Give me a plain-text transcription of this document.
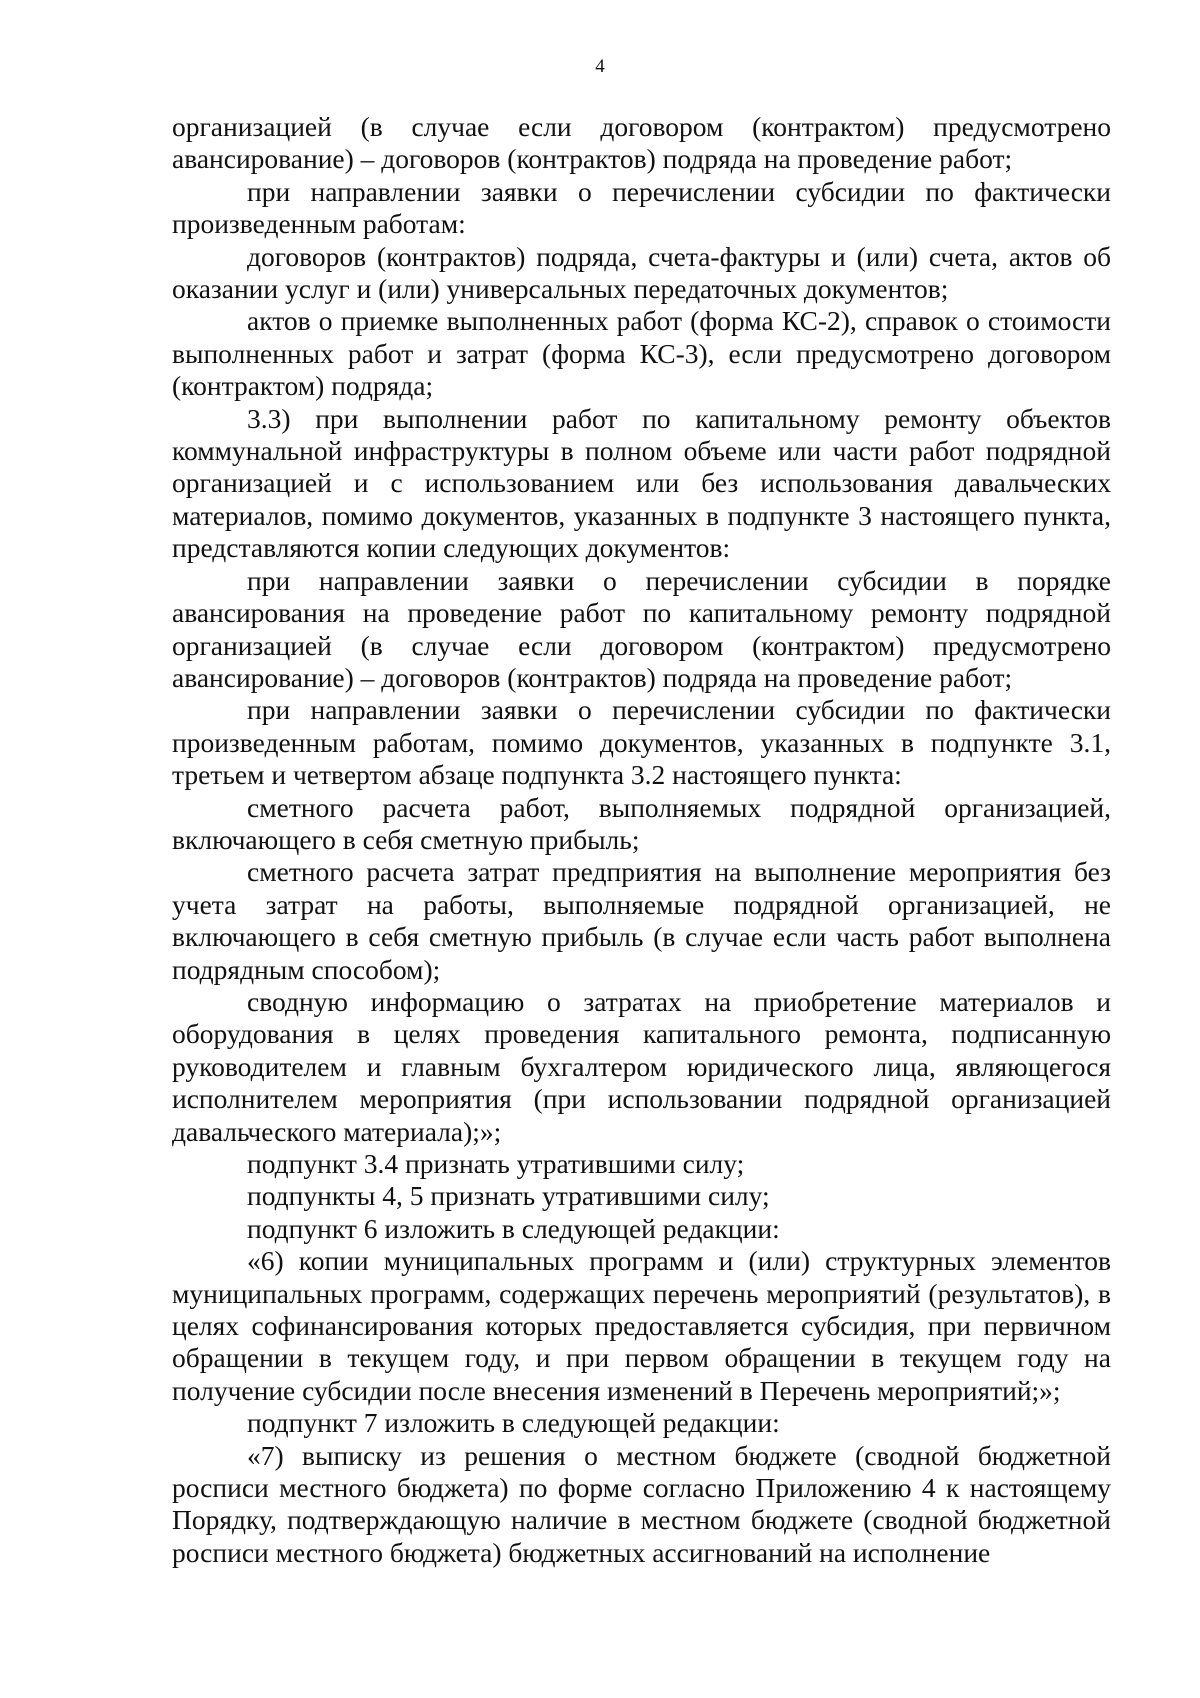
4

организацией (в случае если договором (контрактом) предусмотрено авансирование) – договоров (контрактов) подряда на проведение работ;

при направлении заявки о перечислении субсидии по фактически произведенным работам:

договоров (контрактов) подряда, счета-фактуры и (или) счета, актов об оказании услуг и (или) универсальных передаточных документов;

актов о приемке выполненных работ (форма КС-2), справок о стоимости выполненных работ и затрат (форма КС-3), если предусмотрено договором (контрактом) подряда;

3.3) при выполнении работ по капитальному ремонту объектов коммунальной инфраструктуры в полном объеме или части работ подрядной организацией и с использованием или без использования давальческих материалов, помимо документов, указанных в подпункте 3 настоящего пункта, представляются копии следующих документов:

при направлении заявки о перечислении субсидии в порядке авансирования на проведение работ по капитальному ремонту подрядной организацией (в случае если договором (контрактом) предусмотрено авансирование) – договоров (контрактов) подряда на проведение работ;

при направлении заявки о перечислении субсидии по фактически произведенным работам, помимо документов, указанных в подпункте 3.1, третьем и четвертом абзаце подпункта 3.2 настоящего пункта:

сметного расчета работ, выполняемых подрядной организацией, включающего в себя сметную прибыль;

сметного расчета затрат предприятия на выполнение мероприятия без учета затрат на работы, выполняемые подрядной организацией, не включающего в себя сметную прибыль (в случае если часть работ выполнена подрядным способом);

сводную информацию о затратах на приобретение материалов и оборудования в целях проведения капитального ремонта, подписанную руководителем и главным бухгалтером юридического лица, являющегося исполнителем мероприятия (при использовании подрядной организацией давальческого материала);»;

подпункт 3.4 признать утратившими силу;

подпункты 4, 5 признать утратившими силу;

подпункт 6 изложить в следующей редакции:

«6) копии муниципальных программ и (или) структурных элементов муниципальных программ, содержащих перечень мероприятий (результатов), в целях софинансирования которых предоставляется субсидия, при первичном обращении в текущем году, и при первом обращении в текущем году на получение субсидии после внесения изменений в Перечень мероприятий;»;

подпункт 7 изложить в следующей редакции:

«7) выписку из решения о местном бюджете (сводной бюджетной росписи местного бюджета) по форме согласно Приложению 4 к настоящему Порядку, подтверждающую наличие в местном бюджете (сводной бюджетной росписи местного бюджета) бюджетных ассигнований на исполнение
